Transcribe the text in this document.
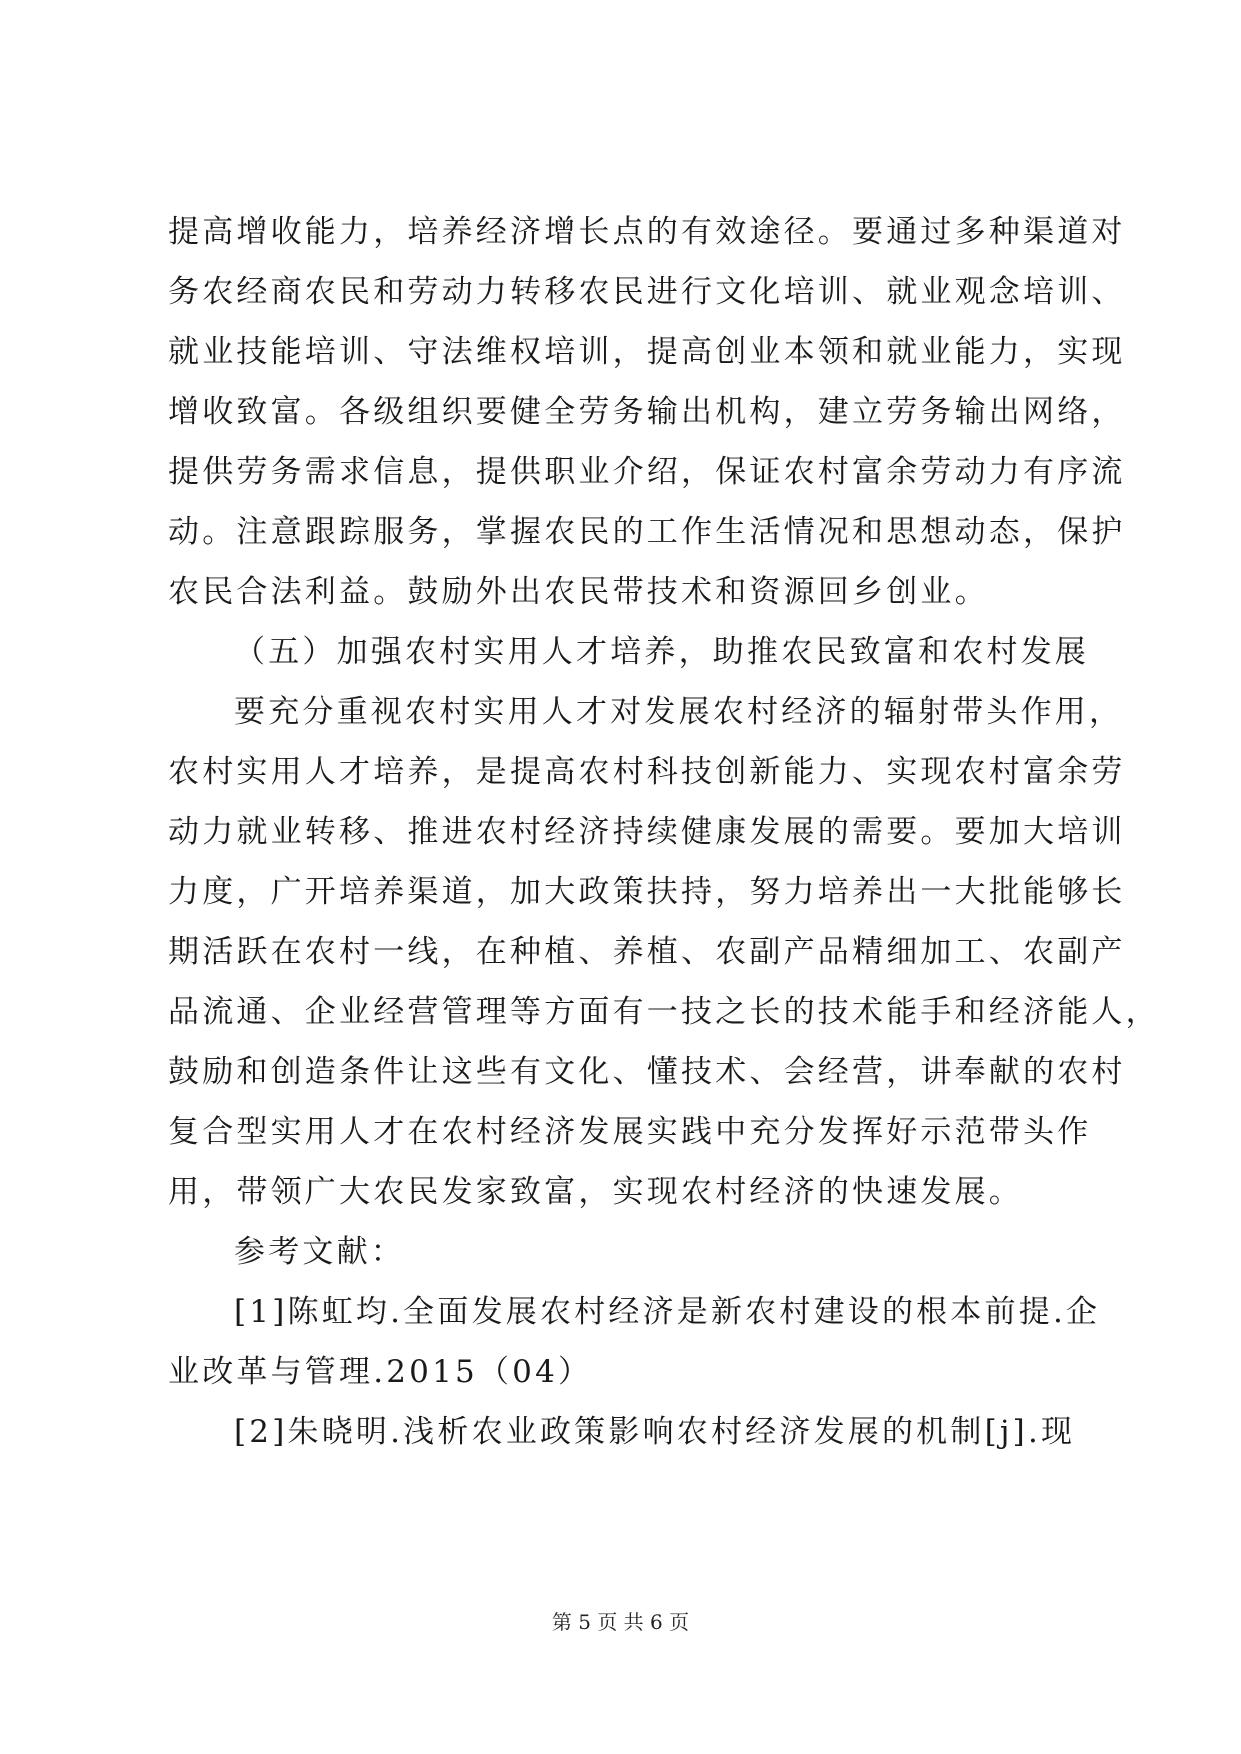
提高增收能力，培养经济增长点的有效途径。要通过多种渠道对
务农经商农民和劳动力转移农民进行文化培训、就业观念培训、
就业技能培训、守法维权培训，提高创业本领和就业能力，实现
增收致富。各级组织要健全劳务输出机构，建立劳务输出网络，
提供劳务需求信息，提供职业介绍，保证农村富余劳动力有序流
动。注意跟踪服务，掌握农民的工作生活情况和思想动态，保护
农民合法利益。鼓励外出农民带技术和资源回乡创业。
（五）加强农村实用人才培养，助推农民致富和农村发展
要充分重视农村实用人才对发展农村经济的辐射带头作用，
农村实用人才培养，是提高农村科技创新能力、实现农村富余劳
动力就业转移、推进农村经济持续健康发展的需要。要加大培训
力度，广开培养渠道，加大政策扶持，努力培养出一大批能够长
期活跃在农村一线，在种植、养植、农副产品精细加工、农副产
品流通、企业经营管理等方面有一技之长的技术能手和经济能人，
鼓励和创造条件让这些有文化、懂技术、会经营，讲奉献的农村
复合型实用人才在农村经济发展实践中充分发挥好示范带头作
用，带领广大农民发家致富，实现农村经济的快速发展。
参考文献：
[1]陈虹均.全面发展农村经济是新农村建设的根本前提.企
业改革与管理.2015（04）
[2]朱晓明.浅析农业政策影响农村经济发展的机制[j].现
第 5 页 共 6 页
